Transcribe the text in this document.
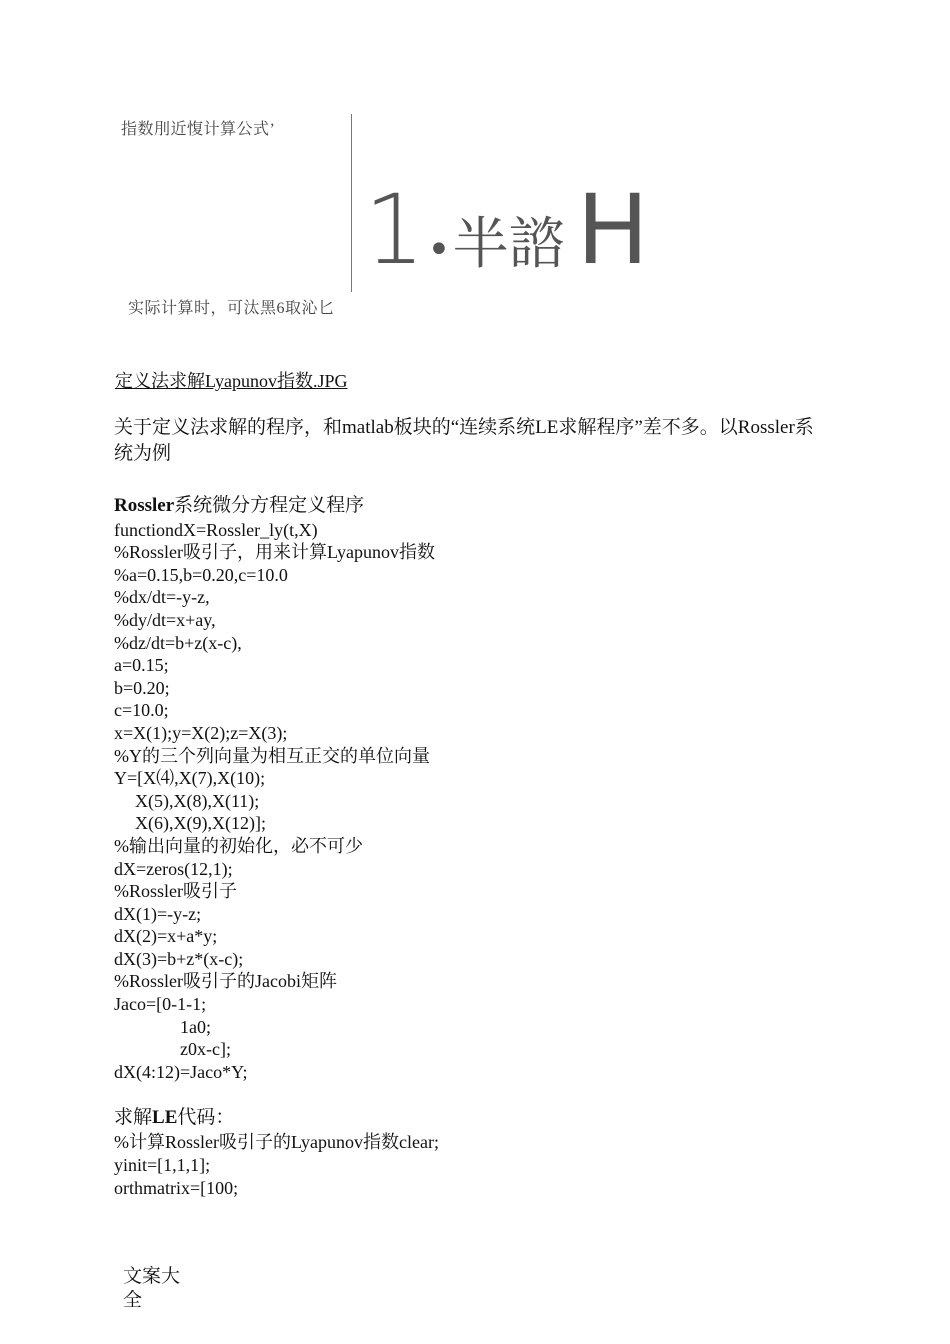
指数刖近愎计算公式’
1 • 半諮 H
实际计算时，可汰黑6取沁匕
定义法求解Lyapunov指数.JPG

关于定义法求解的程序，和matlab板块的“连续系统LE求解程序”差不多。以Rossler系统为例

Rossler系统微分方程定义程序
functiondX=Rossler_ly(t,X)
%Rossler吸引子，用来计算Lyapunov指数
%a=0.15,b=0.20,c=10.0
%dx/dt=-y-z,
%dy/dt=x+ay,
%dz/dt=b+z(x-c),
a=0.15;
b=0.20;
c=10.0;
x=X(1);y=X(2);z=X(3);
%Y的三个列向量为相互正交的单位向量
Y=[X⑷,X(7),X(10);
X(5),X(8),X(11);
X(6),X(9),X(12)];
%输出向量的初始化，必不可少
dX=zeros(12,1);
%Rossler吸引子
dX(1)=-y-z;
dX(2)=x+a*y;
dX(3)=b+z*(x-c);
%Rossler吸引子的Jacobi矩阵
Jaco=[0-1-1;
1a0;
z0x-c];
dX(4:12)=Jaco*Y;
求解LE代码：
%计算Rossler吸引子的Lyapunov指数clear;
yinit=[1,1,1];
orthmatrix=[100;
文案大全
